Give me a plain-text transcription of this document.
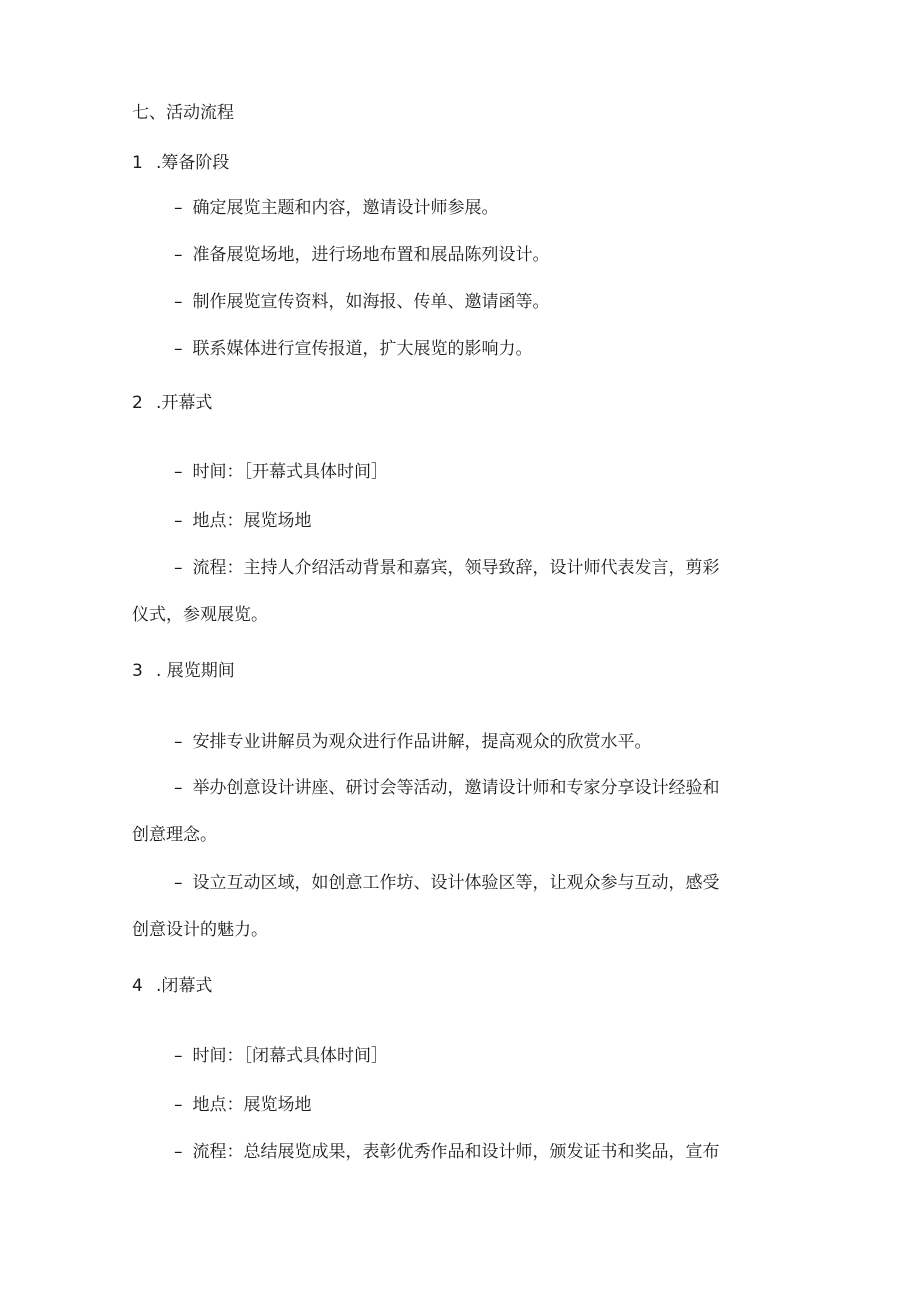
七、活动流程

1 .筹备阶段

– 确定展览主题和内容，邀请设计师参展。

– 准备展览场地，进行场地布置和展品陈列设计。

– 制作展览宣传资料，如海报、传单、邀请函等。

– 联系媒体进行宣传报道，扩大展览的影响力。

2 .开幕式

– 时间：［开幕式具体时间］

– 地点：展览场地

– 流程：主持人介绍活动背景和嘉宾，领导致辞，设计师代表发言，剪彩

仪式，参观展览。

3 . 展览期间

– 安排专业讲解员为观众进行作品讲解，提高观众的欣赏水平。

– 举办创意设计讲座、研讨会等活动，邀请设计师和专家分享设计经验和

创意理念。

– 设立互动区域，如创意工作坊、设计体验区等，让观众参与互动，感受

创意设计的魅力。

4 .闭幕式

– 时间：［闭幕式具体时间］

– 地点：展览场地

– 流程：总结展览成果，表彰优秀作品和设计师，颁发证书和奖品，宣布
